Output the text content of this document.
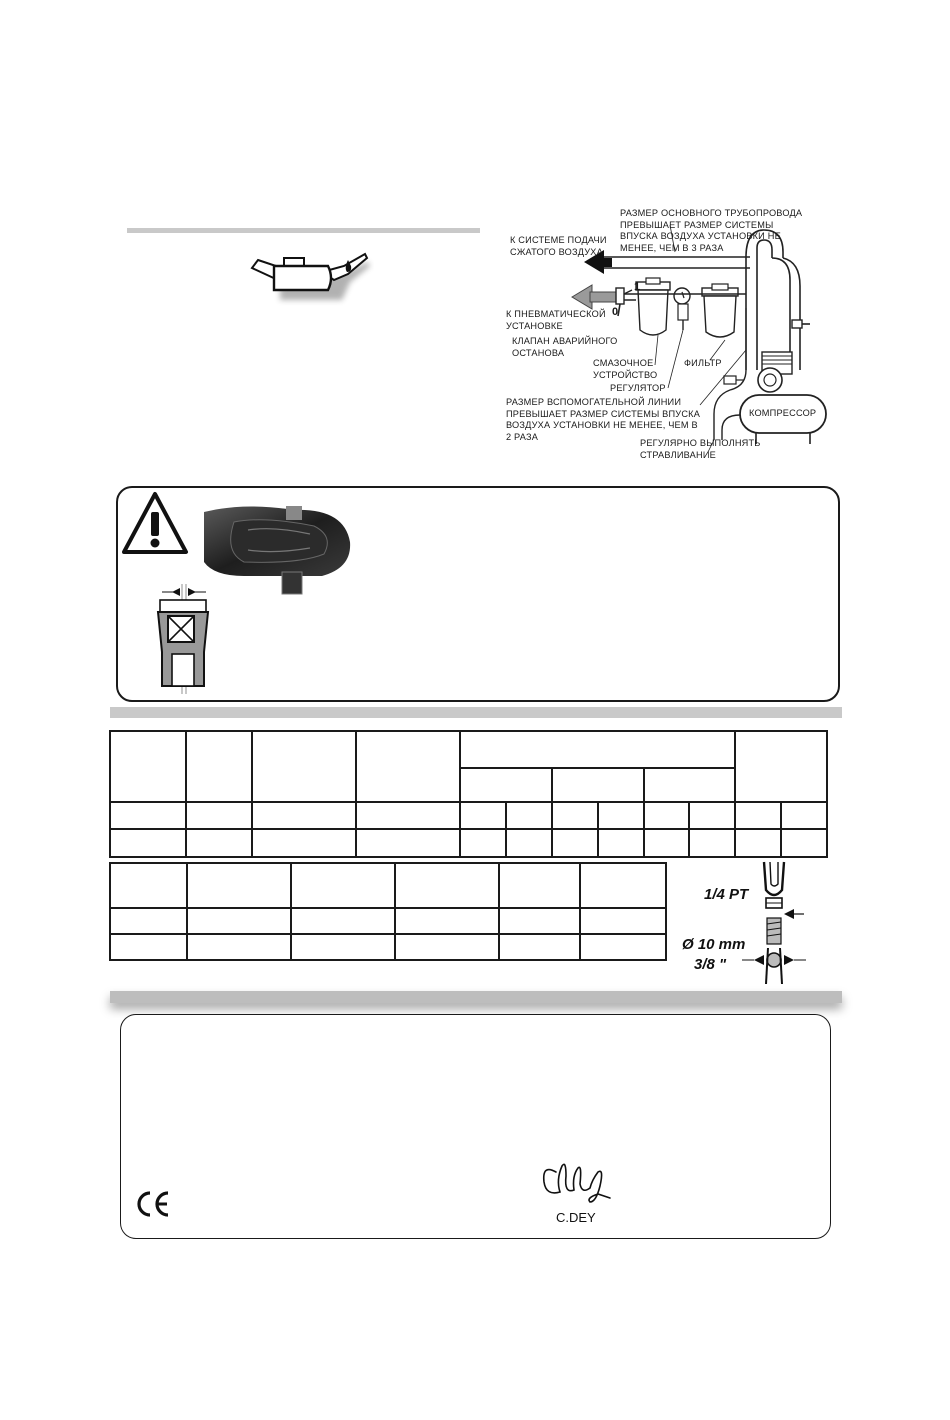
РАЗМЕР ОСНОВНОГО ТРУБОПРОВОДА
ПРЕВЫШАЕТ РАЗМЕР СИСТЕМЫ
ВПУСКА ВОЗДУХА УСТАНОВКИ НЕ
МЕНЕЕ, ЧЕМ В 3 РАЗА
К СИСТЕМЕ ПОДАЧИ
СЖАТОГО ВОЗДУХА
1
0
К ПНЕВМАТИЧЕСКОЙ
УСТАНОВКЕ
КЛАПАН АВАРИЙНОГО
ОСТАНОВА
СМАЗОЧНОЕ
УСТРОЙСТВО
ФИЛЬТР
РЕГУЛЯТОР
РАЗМЕР ВСПОМОГАТЕЛЬНОЙ ЛИНИИ
ПРЕВЫШАЕТ РАЗМЕР СИСТЕМЫ ВПУСКА
ВОЗДУХА УСТАНОВКИ НЕ МЕНЕЕ, ЧЕМ В
2 РАЗА
КОМПРЕССОР
РЕГУЛЯРНО ВЫПОЛНЯТЬ
СТРАВЛИВАНИЕ

1/4 PT
Ø 10 mm
3/8 "
C.DEY
